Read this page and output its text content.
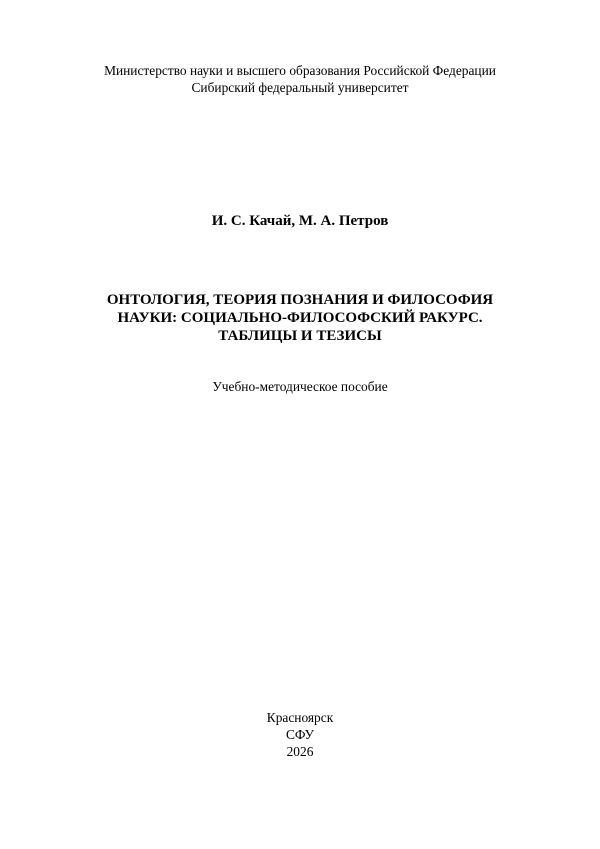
Министерство науки и высшего образования Российской Федерации
Сибирский федеральный университет
И. С. Качай, М. А. Петров
ОНТОЛОГИЯ, ТЕОРИЯ ПОЗНАНИЯ И ФИЛОСОФИЯ
НАУКИ: СОЦИАЛЬНО-ФИЛОСОФСКИЙ РАКУРС.
ТАБЛИЦЫ И ТЕЗИСЫ
Учебно-методическое пособие
Красноярск
СФУ
2026
